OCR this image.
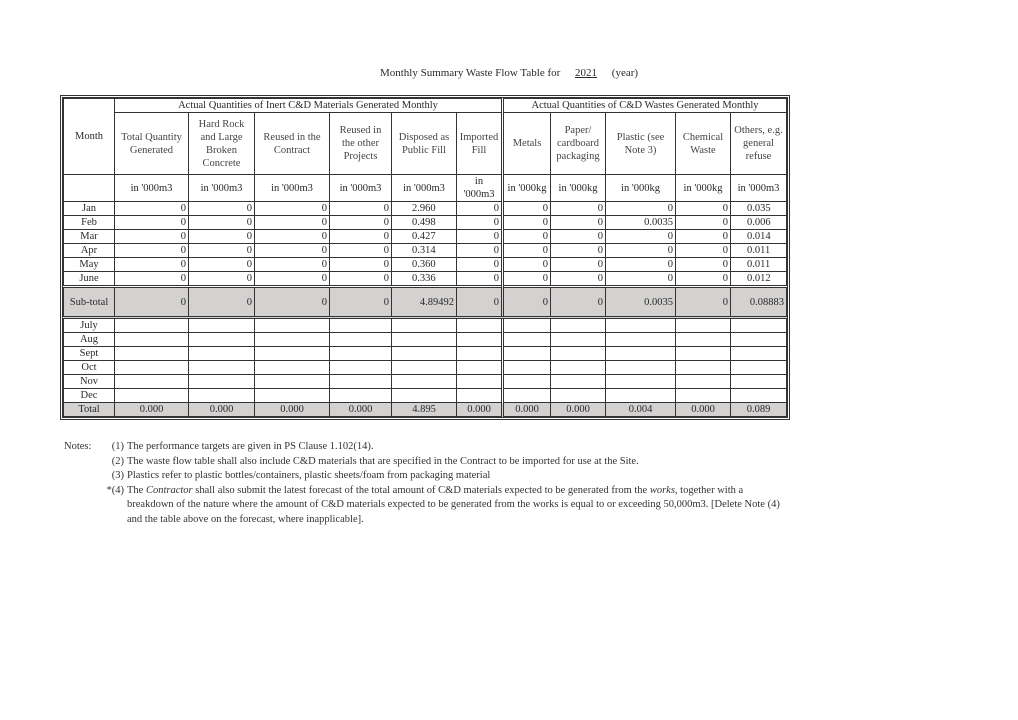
Monthly Summary Waste Flow Table for 2021 (year)
Month	Actual Quantities of Inert C&D Materials Generated Monthly						Actual Quantities of C&D Wastes Generated Monthly				
	Total Quantity Generated	Hard Rock and Large Broken Concrete	Reused in the Contract	Reused in the other Projects	Disposed as Public Fill	Imported Fill	Metals	Paper/ cardboard packaging	Plastic (see Note 3)	Chemical Waste	Others, e.g. general refuse
	in '000m3	in '000m3	in '000m3	in '000m3	in '000m3	in '000m3	in '000kg	in '000kg	in '000kg	in '000kg	in '000m3
Jan	0	0	0	0	2.960	0	0	0	0	0	0.035
Feb	0	0	0	0	0.498	0	0	0	0.0035	0	0.006
Mar	0	0	0	0	0.427	0	0	0	0	0	0.014
Apr	0	0	0	0	0.314	0	0	0	0	0	0.011
May	0	0	0	0	0.360	0	0	0	0	0	0.011
June	0	0	0	0	0.336	0	0	0	0	0	0.012
Sub-total	0	0	0	0	4.89492	0	0	0	0.0035	0	0.08883
July											
Aug											
Sept											
Oct											
Nov											
Dec											
Total	0.000	0.000	0.000	0.000	4.895	0.000	0.000	0.000	0.004	0.000	0.089
Notes:	(1) The performance targets are given in PS Clause 1.102(14).
(2) The waste flow table shall also include C&D materials that are specified in the Contract to be imported for use at the Site.
(3) Plastics refer to plastic bottles/containers, plastic sheets/foam from packaging material
*(4) The Contractor shall also submit the latest forecast of the total amount of C&D materials expected to be generated from the works, together with a breakdown of the nature where the amount of C&D materials expected to be generated from the works is equal to or exceeding 50,000m3. [Delete Note (4) and the table above on the forecast, where inapplicable].
